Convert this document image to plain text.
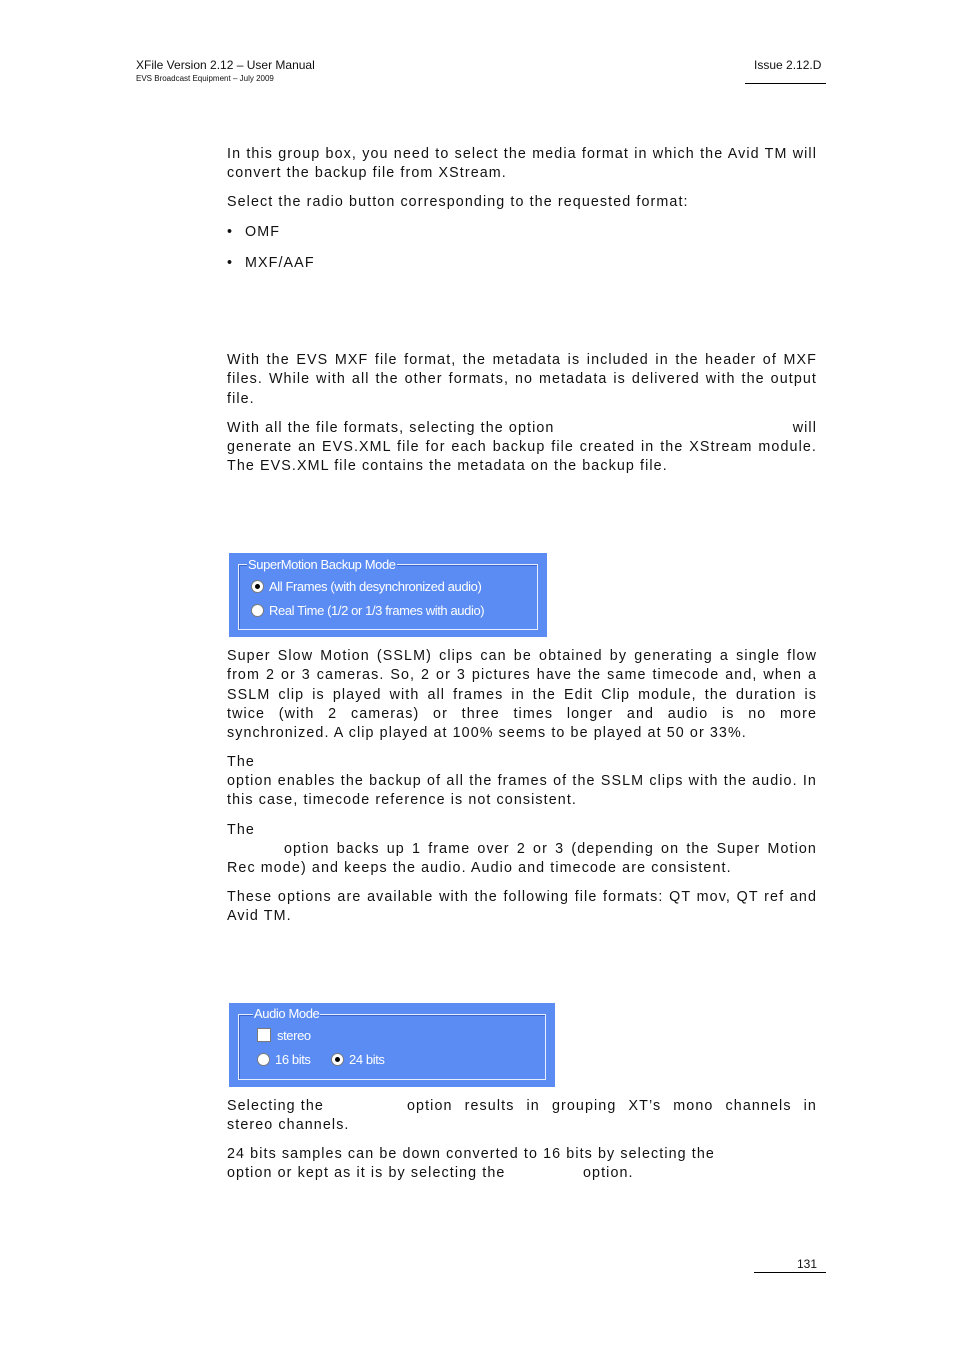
XFile Version 2.12 – User Manual
EVS Broadcast Equipment – July 2009
Issue 2.12.D

In this group box, you need to select the media format in which the Avid TM will convert the backup file from XStream.

Select the radio button corresponding to the requested format:

• OMF
• MXF/AAF

With the EVS MXF file format, the metadata is included in the header of MXF files. While with all the other formats, no metadata is delivered with the output file.

With all the file formats, selecting the option	will

generate an EVS.XML file for each backup file created in the XStream module. The EVS.XML file contains the metadata on the backup file.

SuperMotion Backup Mode
All Frames (with desynchronized audio)
Real Time (1/2 or 1/3 frames with audio)

Super Slow Motion (SSLM) clips can be obtained by generating a single flow from 2 or 3 cameras. So, 2 or 3 pictures have the same timecode and, when a SSLM clip is played with all frames in the Edit Clip module, the duration is twice (with 2 cameras) or three times longer and audio is no more synchronized. A clip played at 100% seems to be played at 50 or 33%.

The

option enables the backup of all the frames of the SSLM clips with the audio. In this case, timecode reference is not consistent.

The

option backs up 1 frame over 2 or 3 (depending on the Super Motion Rec mode) and keeps the audio. Audio and timecode are consistent.

These options are available with the following file formats: QT mov, QT ref and Avid TM.

Audio Mode
stereo
16 bits	24 bits
Selecting the	option results in grouping XT’s mono channels in

stereo channels.

24 bits samples can be down converted to 16 bits by selecting the

option or kept as it is by selecting the	option.
131
